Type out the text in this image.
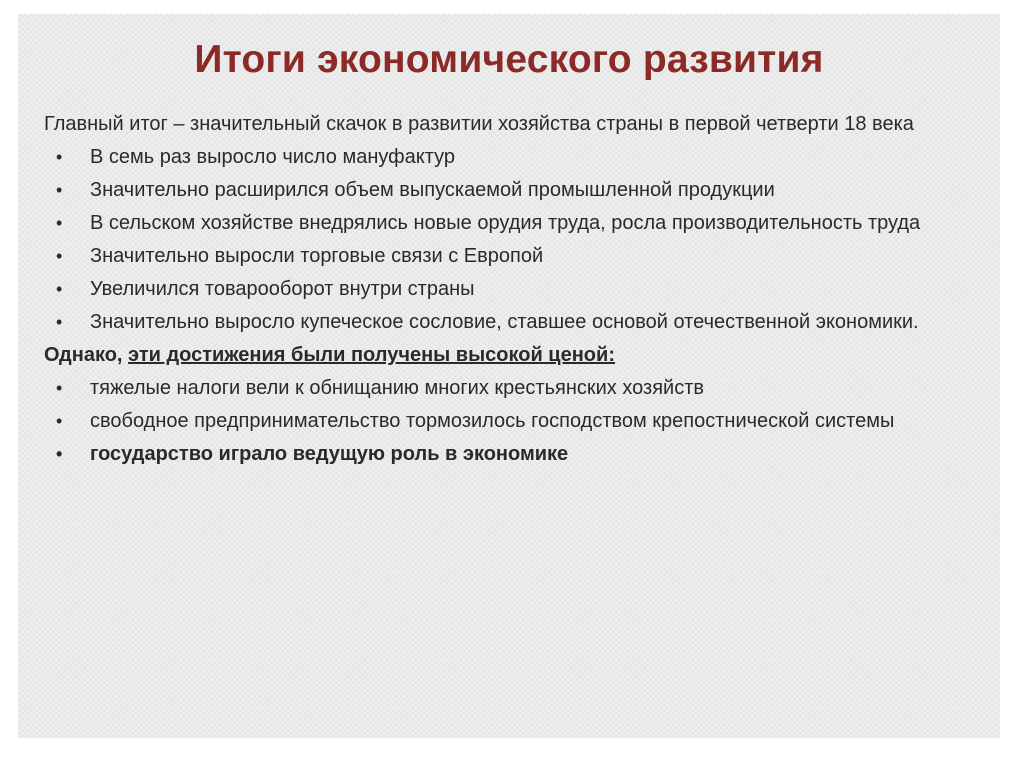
Итоги экономического развития
Главный итог – значительный скачок в развитии хозяйства страны в первой четверти 18 века
• В семь раз выросло число мануфактур
• Значительно расширился объем выпускаемой промышленной продукции
• В сельском хозяйстве внедрялись новые орудия труда, росла производительность труда
• Значительно выросли торговые связи с Европой
• Увеличился товарооборот внутри страны
• Значительно выросло купеческое сословие, ставшее основой отечественной экономики.
Однако, эти достижения были получены высокой ценой:
• тяжелые налоги вели к обнищанию многих крестьянских хозяйств
• свободное предпринимательство тормозилось господством крепостнической системы
• государство играло ведущую роль в экономике
